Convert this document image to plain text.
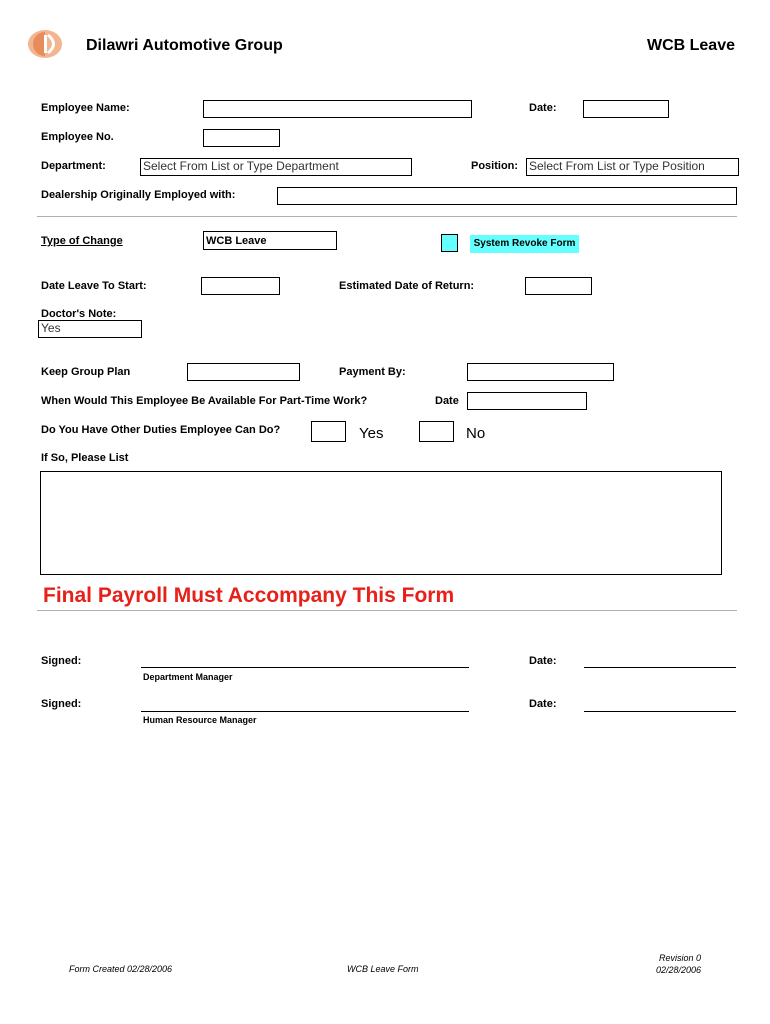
Dilawri Automotive Group	WCB Leave
Employee Name:	Date:
Employee No.
Department:	Select From List or Type Department	Position: Select From List or Type Position
Dealership Originally Employed with:
Type of Change	WCB Leave	System Revoke Form
Date Leave To Start:	Estimated Date of Return:
Doctor's Note:
Yes
Keep Group Plan	Payment By:
When Would This Employee Be Available For Part-Time Work?	Date
Do You Have Other Duties Employee Can Do?	Yes	No
If So, Please List
Final Payroll Must Accompany This Form
Signed:
Department Manager
Date:
Signed:
Human Resource Manager
Date:
Form Created 02/28/2006	WCB Leave Form
Revision 0
02/28/2006
